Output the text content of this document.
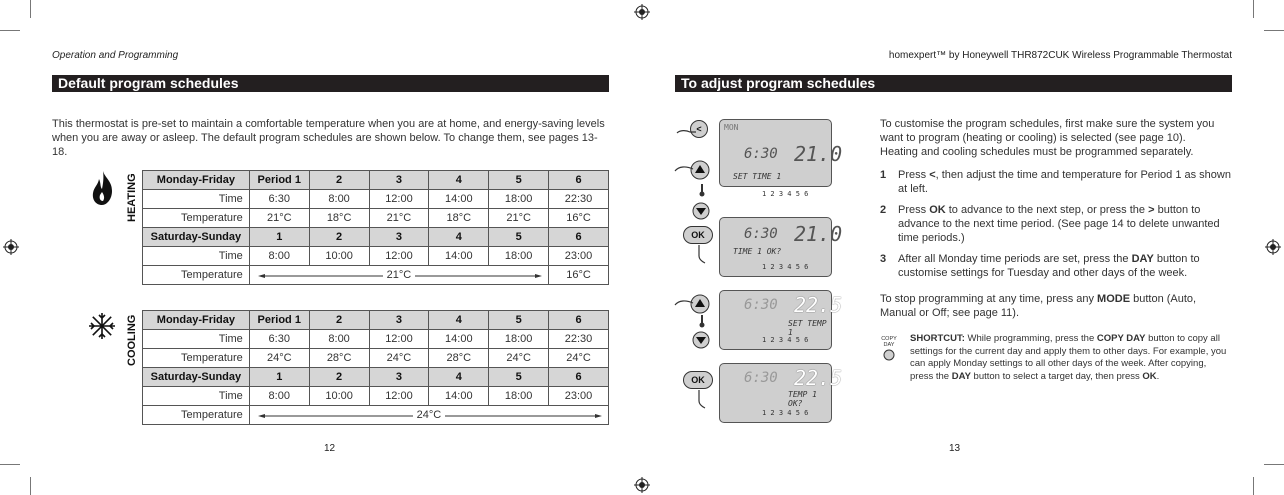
Operation and Programming	homexpert™ by Honeywell THR872CUK Wireless Programmable Thermostat
Default program schedules

This thermostat is pre-set to maintain a comfortable temperature when you are at home, and energy-saving levels when you are away or asleep. The default program schedules are shown below. To change them, see pages 13-18.

HEATING Monday-Friday	Period 1	2	3	4	5	6
Time	6:30	8:00	12:00	14:00	18:00	22:30
Temperature	21°C	18°C	21°C	18°C	21°C	16°C
Saturday-Sunday	1	2	3	4	5	6
Time	8:00	10:00	12:00	14:00	18:00	23:00
Temperature	21°C					16°C
COOLING Monday-Friday	Period 1	2	3	4	5	6
Time	6:30	8:00	12:00	14:00	18:00	22:30
Temperature	24°C	28°C	24°C	28°C	24°C	24°C
Saturday-Sunday	1	2	3	4	5	6
Time	8:00	10:00	12:00	14:00	18:00	23:00
Temperature	24°C					
12
To adjust program schedules
<
OK
OK
MON
6:30 21.0
SET TIME 1
1 2 3 4 5 6
6:30 21.0
TIME 1 OK?
1 2 3 4 5 6
6:30 22.5
SET TEMP 1
1 2 3 4 5 6
6:30 22.5
TEMP 1 OK?
1 2 3 4 5 6

To customise the program schedules, first make sure the system you want to program (heating or cooling) is selected (see page 10). Heating and cooling schedules must be programmed separately.

1 Press <, then adjust the time and temperature for Period 1 as shown at left.
2 Press OK to advance to the next step, or press the > button to advance to the next time period. (See page 14 to delete unwanted time periods.)
3 After all Monday time periods are set, press the DAY button to customise settings for Tuesday and other days of the week.

To stop programming at any time, press any MODE button (Auto, Manual or Off; see page 11).

COPY
DAY
SHORTCUT: While programming, press the COPY DAY button to copy all settings for the current day and apply them to other days. For example, you can apply Monday settings to all other days of the week. After copying, press the DAY button to select a target day, then press OK.
13
